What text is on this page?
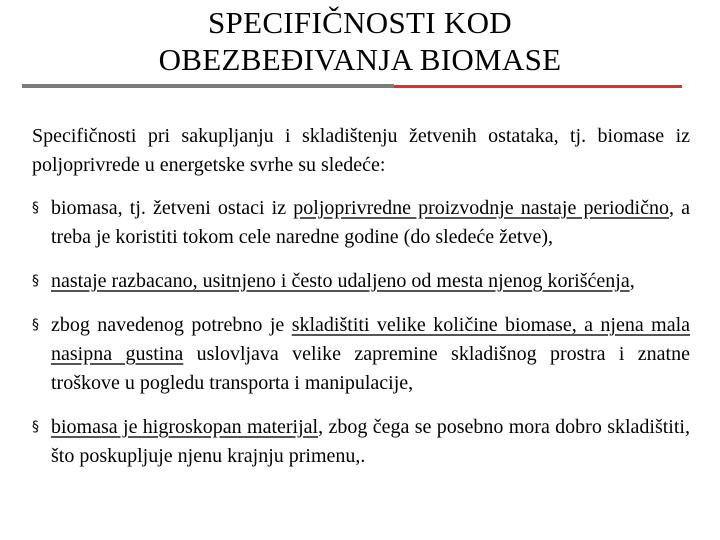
SPECIFIČNOSTI KOD
OBEZBEĐIVANJA BIOMASE

Specifičnosti pri sakupljanju i skladištenju žetvenih ostataka, tj. biomase iz poljoprivrede u energetske svrhe su sledeće:

§ biomasa, tj. žetveni ostaci iz poljoprivredne proizvodnje nastaje periodično, a treba je koristiti tokom cele naredne godine (do sledeće žetve),
§ nastaje razbacano, usitnjeno i često udaljeno od mesta njenog korišćenja,
§ zbog navedenog potrebno je skladištiti velike količine biomase, a njena mala nasipna gustina uslovljava velike zapremine skladišnog prostra i znatne troškove u pogledu transporta i manipulacije,
§ biomasa je higroskopan materijal, zbog čega se posebno mora dobro skladištiti, što poskupljuje njenu krajnju primenu,.
